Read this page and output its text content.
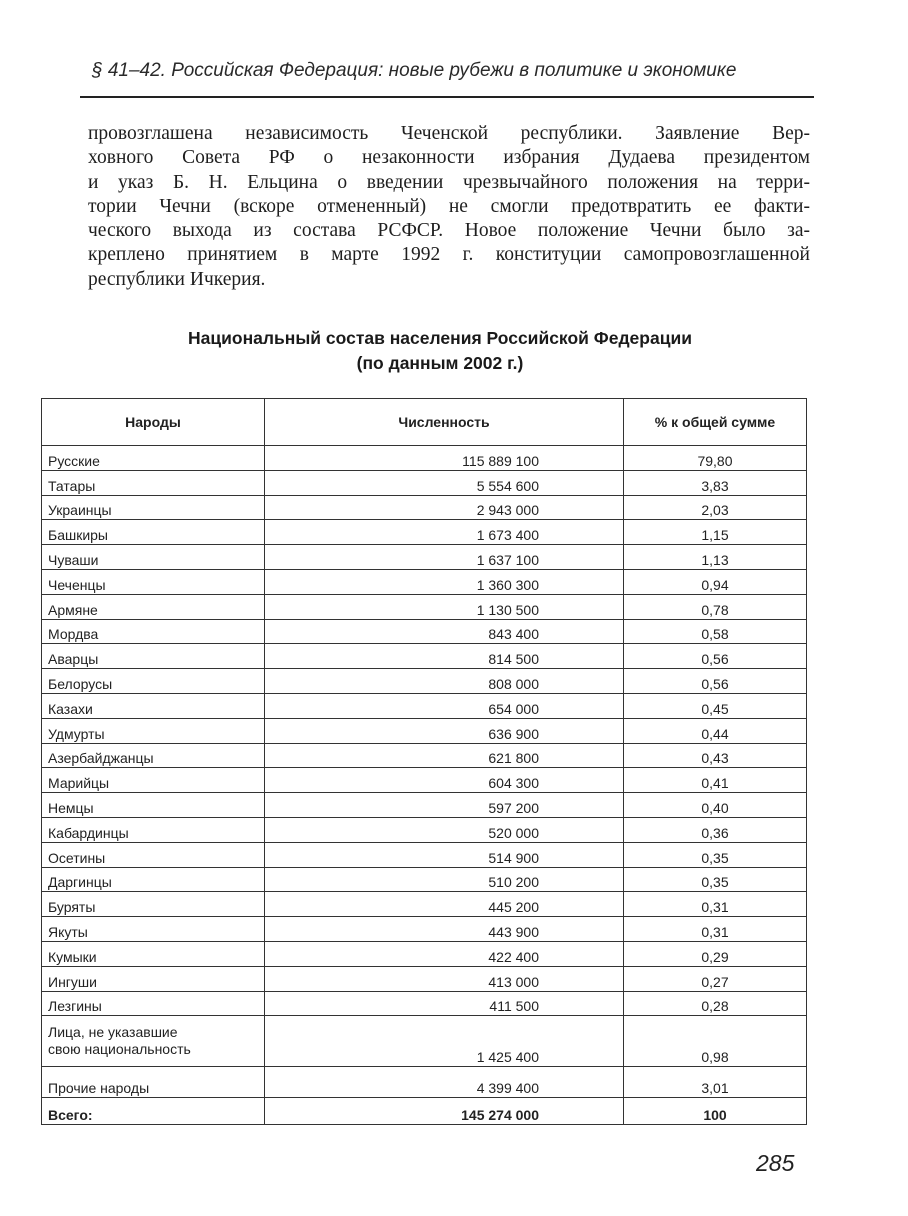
§ 41–42. Российская Федерация: новые рубежи в политике и экономике
провозглашена независимость Чеченской республики. Заявление Вер-
ховного Совета РФ о незаконности избрания Дудаева президентом
и указ Б. Н. Ельцина о введении чрезвычайного положения на терри-
тории Чечни (вскоре отмененный) не смогли предотвратить ее факти-
ческого выхода из состава РСФСР. Новое положение Чечни было за-
креплено принятием в марте 1992 г. конституции самопровозглашенной
республики Ичкерия.
Национальный состав населения Российской Федерации
(по данным 2002 г.)
Народы	Численность	% к общей сумме
Русские	115 889 100	79,80
Татары	5 554 600	3,83
Украинцы	2 943 000	2,03
Башкиры	1 673 400	1,15
Чуваши	1 637 100	1,13
Чеченцы	1 360 300	0,94
Армяне	1 130 500	0,78
Мордва	843 400	0,58
Аварцы	814 500	0,56
Белорусы	808 000	0,56
Казахи	654 000	0,45
Удмурты	636 900	0,44
Азербайджанцы	621 800	0,43
Марийцы	604 300	0,41
Немцы	597 200	0,40
Кабардинцы	520 000	0,36
Осетины	514 900	0,35
Даргинцы	510 200	0,35
Буряты	445 200	0,31
Якуты	443 900	0,31
Кумыки	422 400	0,29
Ингуши	413 000	0,27
Лезгины	411 500	0,28

Лица, не указавшие
свою национальность	1 425 400	0,98
Прочие народы	4 399 400	3,01
Всего:	145 274 000	100
285
